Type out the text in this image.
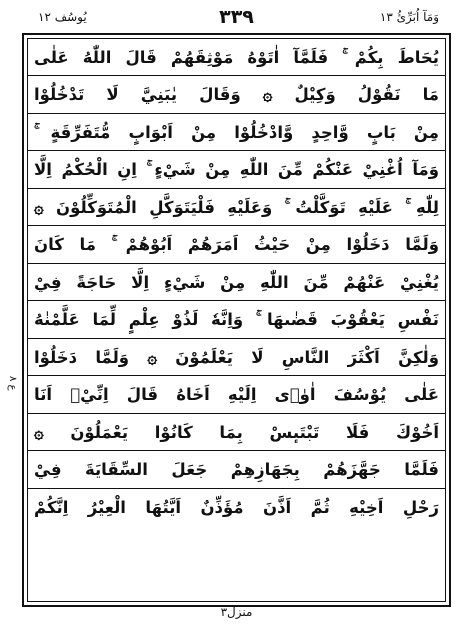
يُوسُف ١٢	٣٣٩	وَمَآ اُبَرِّئُ ١٣
يُحَاطَ بِكُمْ ۚ فَلَمَّآ اٰتَوْهُ مَوْثِقَهُمْ قَالَ اللّٰهُ عَلٰى
مَا نَقُوْلُ وَكِيْلٌ ۞ وَقَالَ يٰبَنِيَّ لَا تَدْخُلُوْا
مِنْ بَابٍ وَّاحِدٍ وَّادْخُلُوْا مِنْ اَبْوَابٍ مُّتَفَرِّقَةٍ ۚ
وَمَآ اُغْنِيْ عَنْكُمْ مِّنَ اللّٰهِ مِنْ شَيْءٍ ۚ اِنِ الْحُكْمُ اِلَّا
لِلّٰهِ ۚ عَلَيْهِ تَوَكَّلْتُ ۚ وَعَلَيْهِ فَلْيَتَوَكَّلِ الْمُتَوَكِّلُوْنَ ۞
وَلَمَّا دَخَلُوْا مِنْ حَيْثُ اَمَرَهُمْ اَبُوْهُمْ ۚ مَا كَانَ
يُغْنِيْ عَنْهُمْ مِّنَ اللّٰهِ مِنْ شَيْءٍ اِلَّا حَاجَةً فِيْ
نَفْسِ يَعْقُوْبَ قَضٰىهَا ۚ وَاِنَّهٗ لَذُوْ عِلْمٍ لِّمَا عَلَّمْنٰهُ
وَلٰكِنَّ اَكْثَرَ النَّاسِ لَا يَعْلَمُوْنَ ۞ وَلَمَّا دَخَلُوْا
عَلٰى يُوْسُفَ اٰوٰۤى اِلَيْهِ اَخَاهُ قَالَ اِنِّيْۤ اَنَا
اَخُوْكَ فَلَا تَبْتَىٕسْ بِمَا كَانُوْا يَعْمَلُوْنَ ۞
فَلَمَّا جَهَّزَهُمْ بِجَهَازِهِمْ جَعَلَ السِّقَايَةَ فِيْ
رَحْلِ اَخِيْهِ ثُمَّ اَذَّنَ مُؤَذِّنٌ اَيَّتُهَا الْعِيْرُ اِنَّكُمْ
ع ٨
منزل٣
